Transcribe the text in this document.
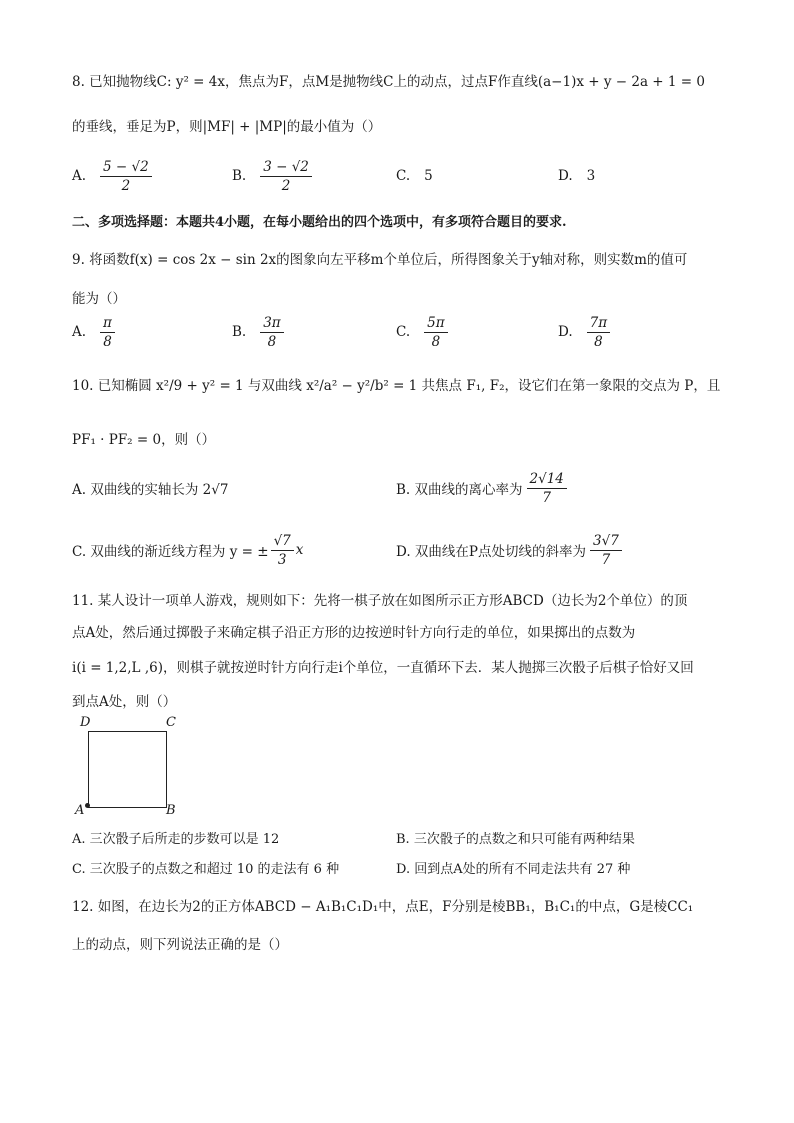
8. 已知抛物线C: y² = 4x，焦点为F，点M是抛物线C上的动点，过点F作直线(a−1)x + y − 2a + 1 = 0
的垂线，垂足为P，则|MF| + |MP|的最小值为（）
A. $\frac{5 - √2}{2}$	B. $\frac{3 - √2}{2}$	C. 5	D. 3
二、多项选择题：本题共4小题，在每小题给出的四个选项中，有多项符合题目的要求.
9. 将函数f(x) = cos 2x − sin 2x的图象向左平移m个单位后，所得图象关于y轴对称，则实数m的值可
能为（）
A. $\frac{\pi}{8}$	B. $\frac{3\pi}{8}$	C. $\frac{5\pi}{8}$	D. $\frac{7\pi}{8}$
10. 已知椭圆 x²/9 + y² = 1 与双曲线 x²/a² − y²/b² = 1 共焦点 F₁, F₂，设它们在第一象限的交点为 P，且
PF₁ · PF₂ = 0，则（）
A. 双曲线的实轴长为 2√7	B. 双曲线的离心率为 $\frac{2√14}{7}$
C. 双曲线的渐近线方程为 y = ± $\frac{√7}{3}$ x	D. 双曲线在P点处切线的斜率为 $\frac{3√7}{7}$
11. 某人设计一项单人游戏，规则如下：先将一棋子放在如图所示正方形ABCD（边长为2个单位）的顶
点A处，然后通过掷骰子来确定棋子沿正方形的边按逆时针方向行走的单位，如果掷出的点数为
i(i = 1,2,L ,6)，则棋子就按逆时针方向行走i个单位，一直循环下去．某人抛掷三次骰子后棋子恰好又回
到点A处，则（）
D	C
A	B
A. 三次骰子后所走的步数可以是 12	B. 三次骰子的点数之和只可能有两种结果
C. 三次股子的点数之和超过 10 的走法有 6 种	D. 回到点A处的所有不同走法共有 27 种
12. 如图，在边长为2的正方体ABCD − A₁B₁C₁D₁中，点E，F分别是棱BB₁，B₁C₁的中点，G是棱CC₁
上的动点，则下列说法正确的是（）
